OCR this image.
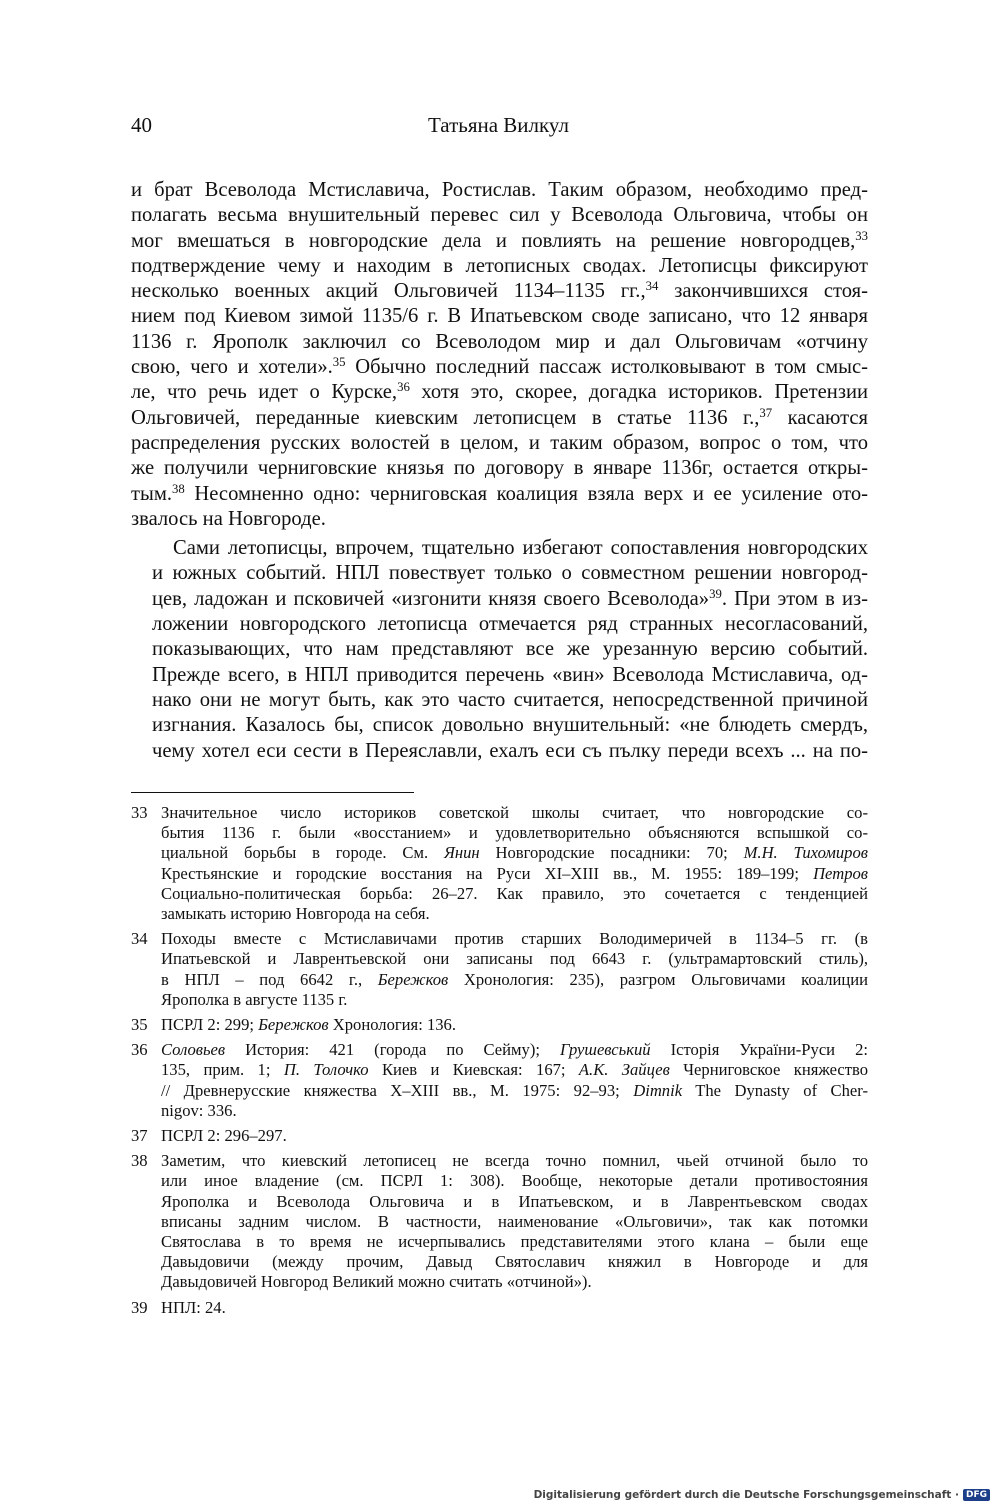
40	Татьяна Вилкул

и брат Всеволода Мстиславича, Ростислав. Таким образом, необходимо пред-
полагать весьма внушительный перевес сил у Всеволода Ольговича, чтобы он
мог вмешаться в новгородские дела и повлиять на решение новгородцев,$^{33}$
подтверждение чему и находим в летописных сводах. Летописцы фиксируют
несколько военных акций Ольговичей 1134–1135 гг.,$^{34}$ закончившихся стоя-
нием под Киевом зимой 1135/6 г. В Ипатьевском своде записано, что 12 января
1136 г. Ярополк заключил со Всеволодом мир и дал Ольговичам «отчину
свою, чего и хотели».$^{35}$ Обычно последний пассаж истолковывают в том смыс-
ле, что речь идет о Курске,$^{36}$ хотя это, скорее, догадка историков. Претензии
Ольговичей, переданные киевским летописцем в статье 1136 г.,$^{37}$ касаются
распределения русских волостей в целом, и таким образом, вопрос о том, что
же получили черниговские князья по договору в январе 1136г, остается откры-
тым.$^{38}$ Несомненно одно: черниговская коалиция взяла верх и ее усиление ото-
звалось на Новгороде.

Сами летописцы, впрочем, тщательно избегают сопоставления новгородских
и южных событий. НПЛ повествует только о совместном решении новгород-
цев, ладожан и псковичей «изгонити князя своего Всеволода»$^{39}$. При этом в из-
ложении новгородского летописца отмечается ряд странных несогласований,
показывающих, что нам представляют все же урезанную версию событий.
Прежде всего, в НПЛ приводится перечень «вин» Всеволода Мстиславича, од-
нако они не могут быть, как это часто считается, непосредственной причиной
изгнания. Казалось бы, список довольно внушительный: «не блюдеть смердъ,
чему хотел еси сести в Переяславли, ехалъ еси съ пълку переди всехъ ... на по-

33 Значительное число историков советской школы считает, что новгородские со-
бытия 1136 г. были «восстанием» и удовлетворительно объясняются вспышкой со-
циальной борьбы в городе. См. Янин Новгородские посадники: 70; М.Н. Тихомиров
Крестьянские и городские восстания на Руси XI–XIII вв., М. 1955: 189–199; Петров
Социально-политическая борьба: 26–27. Как правило, это сочетается с тенденцией
замыкать историю Новгорода на себя.
34 Походы вместе с Мстиславичами против старших Володимеричей в 1134–5 гг. (в
Ипатьевской и Лаврентьевской они записаны под 6643 г. (ультрамартовский стиль),
в НПЛ – под 6642 г., Бережков Хронология: 235), разгром Ольговичами коалиции
Ярополка в августе 1135 г.
35 ПСРЛ 2: 299; Бережков Хронология: 136.
36 Соловьев История: 421 (города по Сейму); Грушевський Історія України-Руси 2:
135, прим. 1; П. Толочко Киев и Киевская: 167; А.К. Зайцев Черниговское княжество
// Древнерусские княжества X–XIII вв., М. 1975: 92–93; Dimnik The Dynasty of Cher-
nigov: 336.
37 ПСРЛ 2: 296–297.
38 Заметим, что киевский летописец не всегда точно помнил, чьей отчиной было то
или иное владение (см. ПСРЛ 1: 308). Вообще, некоторые детали противостояния
Ярополка и Всеволода Ольговича и в Ипатьевском, и в Лаврентьевском сводах
вписаны задним числом. В частности, наименование «Ольговичи», так как потомки
Святослава в то время не исчерпывались представителями этого клана – были еще
Давыдовичи (между прочим, Давыд Святославич княжил в Новгороде и для
Давыдовичей Новгород Великий можно считать «отчиной»).
39 НПЛ: 24.
Digitalisierung gefördert durch die Deutsche Forschungsgemeinschaft · DFG
